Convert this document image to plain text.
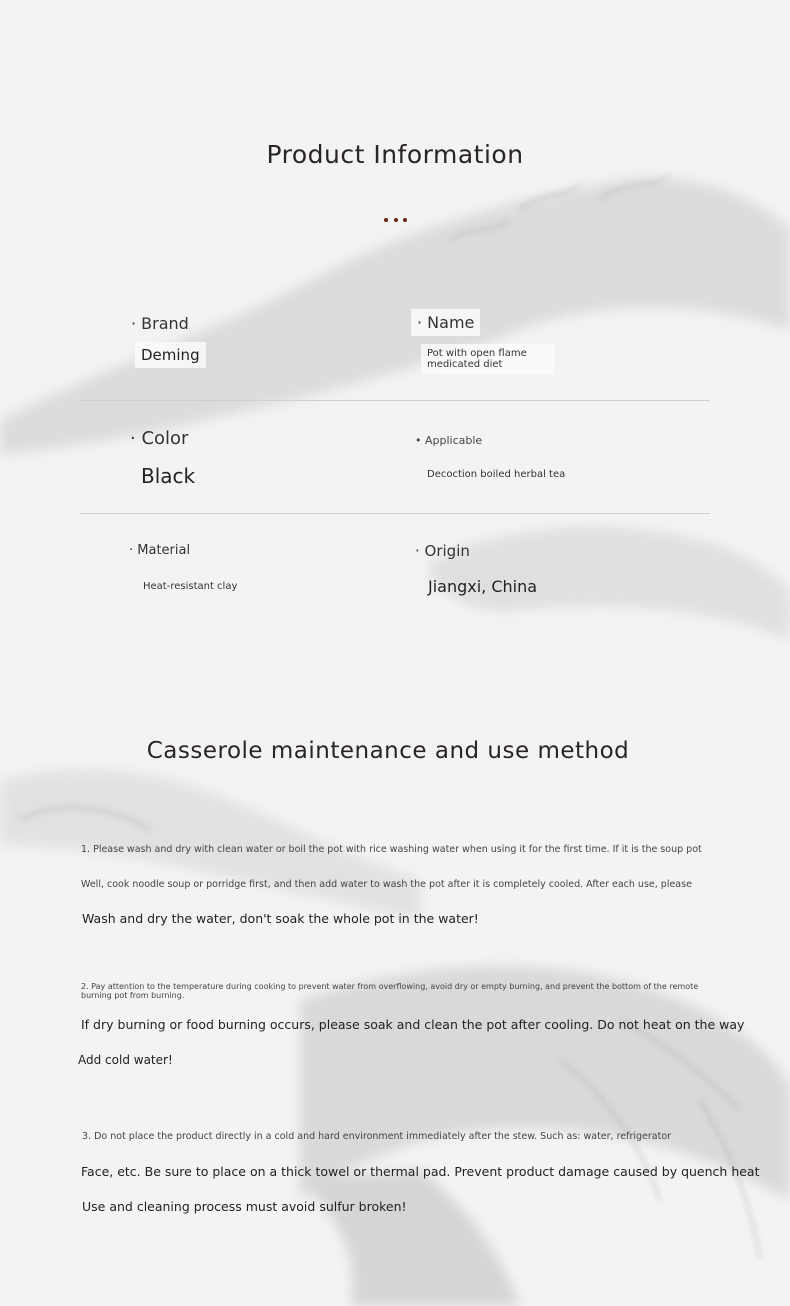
Product Information
· Brand
Deming
· Name
Pot with open flame
medicated diet
· Color
Black
• Applicable
Decoction boiled herbal tea
· Material
Heat-resistant clay
· Origin
Jiangxi, China
Casserole maintenance and use method
1. Please wash and dry with clean water or boil the pot with rice washing water when using it for the first time. If it is the soup pot
Well, cook noodle soup or porridge first, and then add water to wash the pot after it is completely cooled. After each use, please
Wash and dry the water, don't soak the whole pot in the water!
2. Pay attention to the temperature during cooking to prevent water from overflowing, avoid dry or empty burning, and prevent the bottom of the remote burning pot from burning.
If dry burning or food burning occurs, please soak and clean the pot after cooling. Do not heat on the way
Add cold water!
3. Do not place the product directly in a cold and hard environment immediately after the stew. Such as: water, refrigerator
Face, etc. Be sure to place on a thick towel or thermal pad. Prevent product damage caused by quench heat
Use and cleaning process must avoid sulfur broken!
